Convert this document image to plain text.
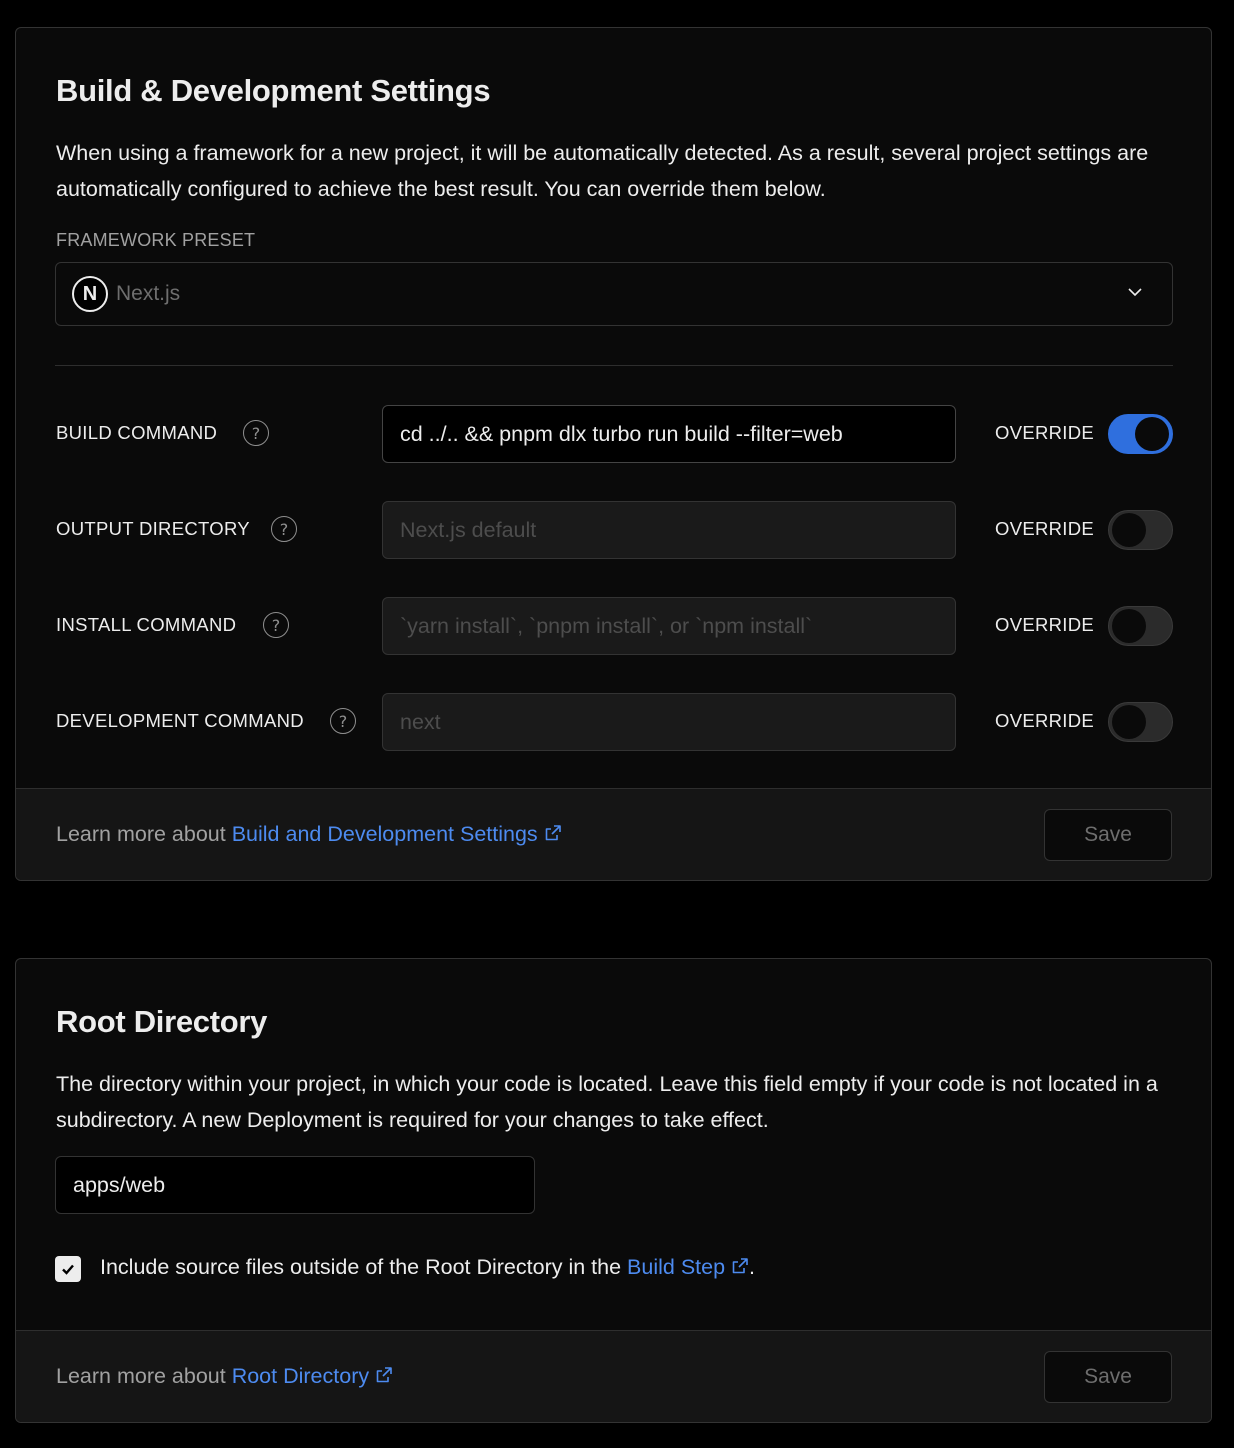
Build & Development Settings

When using a framework for a new project, it will be automatically detected. As a result, several project settings are automatically configured to achieve the best result. You can override them below.

FRAMEWORK PRESET
N Next.js
BUILD COMMAND	?	cd ../.. && pnpm dlx turbo run build --filter=web	OVERRIDE
OUTPUT DIRECTORY	?	Next.js default	OVERRIDE
INSTALL COMMAND	?	`yarn install`, `pnpm install`, or `npm install`	OVERRIDE
DEVELOPMENT COMMAND	?	next	OVERRIDE
Learn more about Build and Development Settings	Save
Root Directory

The directory within your project, in which your code is located. Leave this field empty if your code is not located in a subdirectory. A new Deployment is required for your changes to take effect.

apps/web
Include source files outside of the Root Directory in the Build Step .
Learn more about Root Directory	Save
